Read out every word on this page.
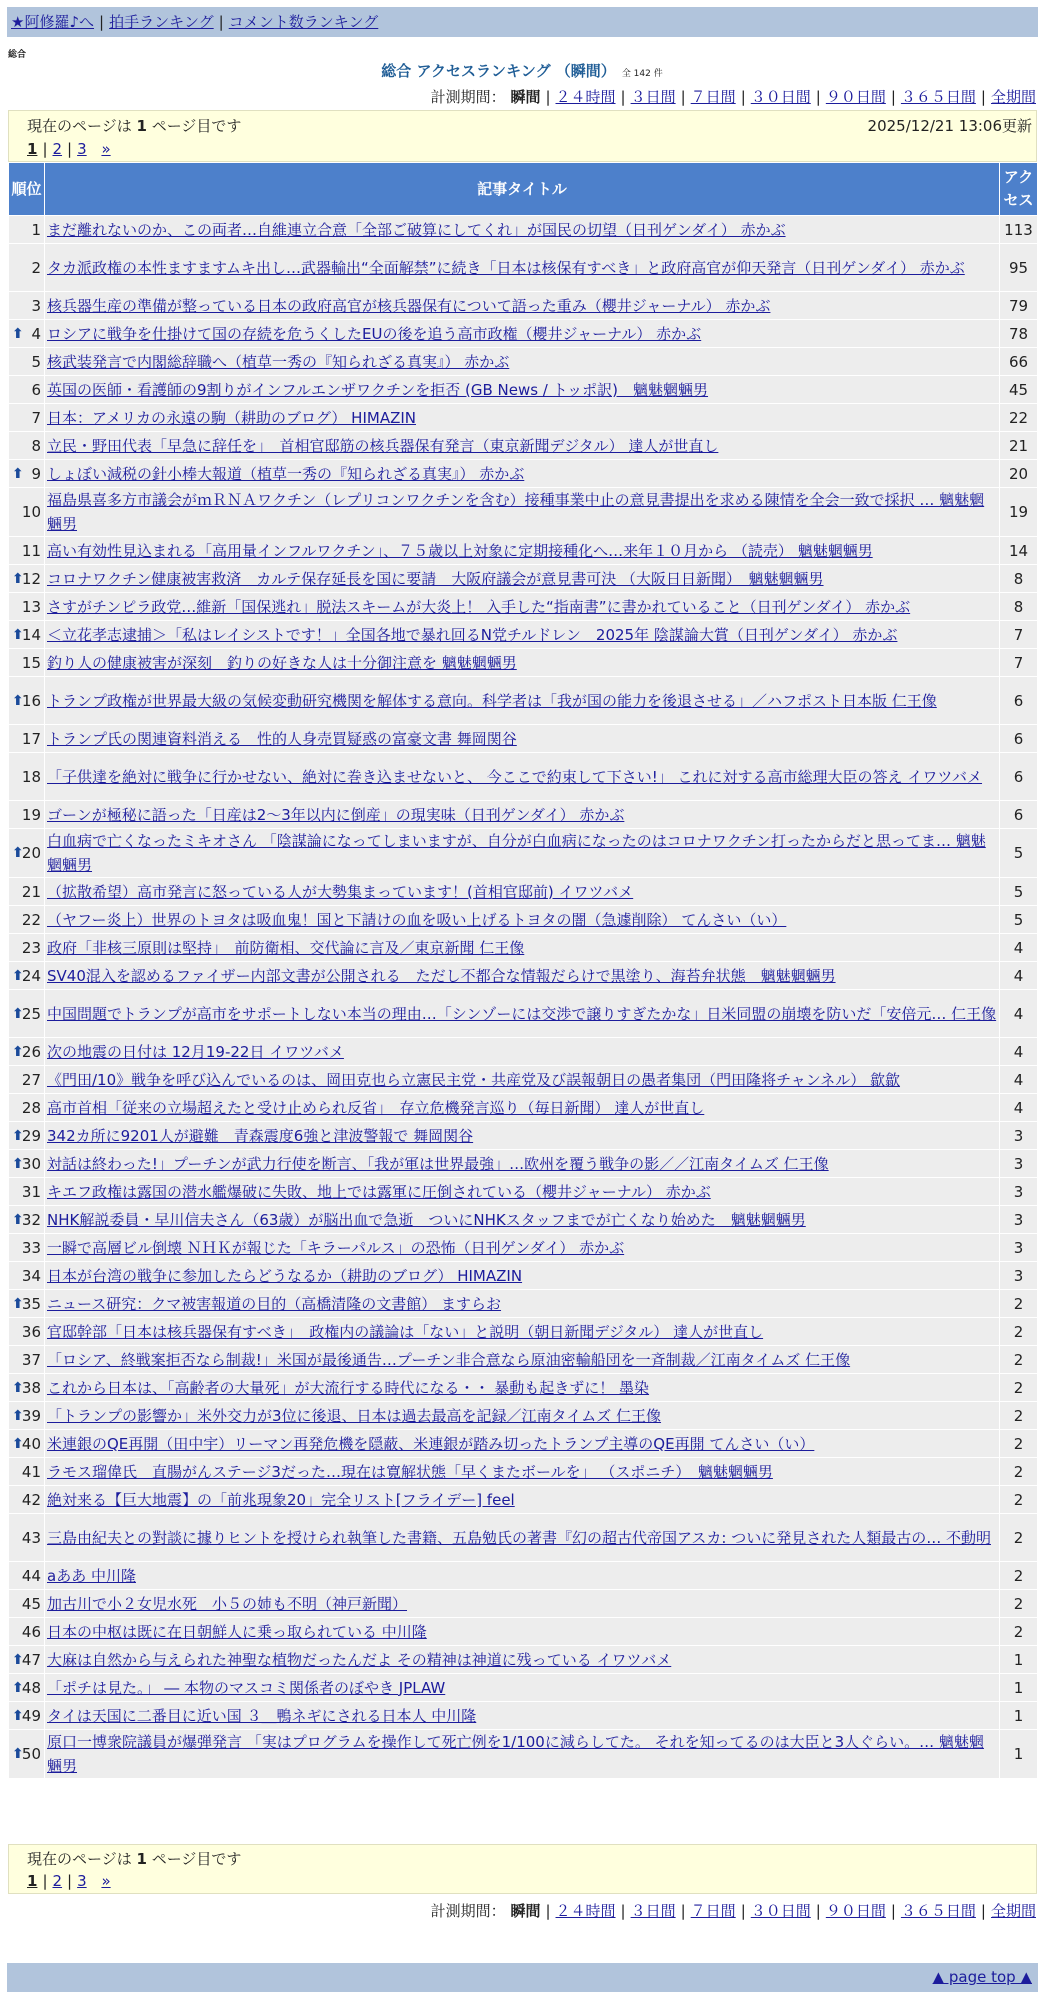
★阿修羅♪へ | 拍手ランキング | コメント数ランキング
総合
総合 アクセスランキング （瞬間） 全 142 件
計測期間： 瞬間 | ２４時間 | ３日間 | ７日間 | ３０日間 | ９０日間 | ３６５日間 | 全期間
現在のページは 1 ページ目です	2025/12/21 13:06更新
1 | 2 | 3 »
順位	記事タイトル	アクセス
1	まだ離れないのか、この両者…自維連立合意「全部ご破算にしてくれ」が国民の切望（日刊ゲンダイ） 赤かぶ	113
2	タカ派政権の本性ますますムキ出し…武器輸出“全面解禁”に続き「日本は核保有すべき」と政府高官が仰天発言（日刊ゲンダイ） 赤かぶ	95
3	核兵器生産の準備が整っている日本の政府高官が核兵器保有について語った重み（櫻井ジャーナル） 赤かぶ	79

⬆ 4	ロシアに戦争を仕掛けて国の存続を危うくしたEUの後を追う高市政権（櫻井ジャーナル） 赤かぶ	78
5	核武装発言で内閣総辞職へ（植草一秀の『知られざる真実』） 赤かぶ	66
6	英国の医師・看護師の9割りがインフルエンザワクチンを拒否 (GB News / トッポ訳)　魑魅魍魎男	45
7	日本：アメリカの永遠の駒（耕助のブログ） HIMAZIN	22
8	立民・野田代表「早急に辞任を」　首相官邸筋の核兵器保有発言（東京新聞デジタル） 達人が世直し	21

⬆ 9	しょぼい減税の針小棒大報道（植草一秀の『知られざる真実』） 赤かぶ	20
10	福島県喜多方市議会がｍＲＮＡワクチン（レプリコンワクチンを含む）接種事業中止の意見書提出を求める陳情を全会一致で採択 … 魑魅魍魎男	19
11	高い有効性見込まれる「高用量インフルワクチン」、７５歳以上対象に定期接種化へ…来年１０月から （読売） 魑魅魍魎男	14

⬆
12	コロナワクチン健康被害救済　カルテ保存延長を国に要請　大阪府議会が意見書可決 （大阪日日新聞）　魑魅魍魎男	8
13	さすがチンピラ政党…維新「国保逃れ」脱法スキームが大炎上！ 入手した“指南書”に書かれていること（日刊ゲンダイ） 赤かぶ	8

⬆
14	＜立花孝志逮捕＞「私はレイシストです！」全国各地で暴れ回るN党チルドレン　2025年 陰謀論大賞（日刊ゲンダイ） 赤かぶ	7
15	釣り人の健康被害が深刻　釣りの好きな人は十分御注意を 魑魅魍魎男	7

⬆
16	トランプ政権が世界最大級の気候変動研究機関を解体する意向。科学者は「我が国の能力を後退させる」／ハフポスト日本版 仁王像	6
17	トランプ氏の関連資料消える　性的人身売買疑惑の富豪文書 舞岡関谷	6
18	「子供達を絶対に戦争に行かせない、絶対に巻き込ませないと、 今ここで約束して下さい!」 これに対する高市総理大臣の答え イワツバメ	6
19	ゴーンが極秘に語った「日産は2～3年以内に倒産」の現実味（日刊ゲンダイ） 赤かぶ	6

⬆
20	白血病で亡くなったミキオさん 「陰謀論になってしまいますが、自分が白血病になったのはコロナワクチン打ったからだと思ってま… 魑魅魍魎男	5
21	（拡散希望）高市発言に怒っている人が大勢集まっています！(首相官邸前) イワツバメ	5
22	（ヤフー炎上）世界のトヨタは吸血鬼！国と下請けの血を吸い上げるトヨタの闇（急遽削除） てんさい（い）	5
23	政府「非核三原則は堅持」　前防衛相、交代論に言及／東京新聞 仁王像	4

⬆
24	SV40混入を認めるファイザー内部文書が公開される　ただし不都合な情報だらけで黒塗り、海苔弁状態　魑魅魍魎男	4

⬆
25	中国問題でトランプが高市をサポートしない本当の理由…「シンゾーには交渉で譲りすぎたかな」日米同盟の崩壊を防いだ「安倍元… 仁王像	4

⬆
26	次の地震の日付は 12月19-22日 イワツバメ	4
27	《門田/10》戦争を呼び込んでいるのは、岡田克也ら立憲民主党・共産党及び誤報朝日の愚者集団（門田隆将チャンネル） 歙歙	4
28	高市首相「従来の立場超えたと受け止められ反省」　存立危機発言巡り（毎日新聞） 達人が世直し	4

⬆
29	342カ所に9201人が避難　青森震度6強と津波警報で 舞岡関谷	3

⬆
30	対話は終わった!」プーチンが武力行使を断言、「我が軍は世界最強」…欧州を覆う戦争の影／／江南タイムズ 仁王像	3
31	キエフ政権は露国の潜水艦爆破に失敗、地上では露軍に圧倒されている（櫻井ジャーナル） 赤かぶ	3

⬆
32	NHK解説委員・早川信夫さん（63歳）が脳出血で急逝　ついにNHKスタッフまでが亡くなり始めた　魑魅魍魎男	3
33	一瞬で高層ビル倒壊 ＮＨＫが報じた「キラーパルス」の恐怖（日刊ゲンダイ） 赤かぶ	3
34	日本が台湾の戦争に参加したらどうなるか（耕助のブログ） HIMAZIN	3

⬆
35	ニュース研究：クマ被害報道の目的（高橋清隆の文書館） ますらお	2
36	官邸幹部「日本は核兵器保有すべき」　政権内の議論は「ない」と説明（朝日新聞デジタル） 達人が世直し	2
37	「ロシア、終戦案拒否なら制裁!」米国が最後通告…プーチン非合意なら原油密輸船団を一斉制裁／江南タイムズ 仁王像	2

⬆
38	これから日本は、「高齢者の大量死」が大流行する時代になる・・ 暴動も起きずに！ 墨染	2

⬆
39	「トランプの影響か」米外交力が3位に後退、日本は過去最高を記録／江南タイムズ 仁王像	2

⬆
40	米連銀のQE再開（田中宇）リーマン再発危機を隠蔽、米連銀が踏み切ったトランプ主導のQE再開 てんさい（い）	2
41	ラモス瑠偉氏　直腸がんステージ3だった…現在は寛解状態「早くまたボールを」 （スポニチ）　魑魅魍魎男	2
42	絶対来る【巨大地震】の「前兆現象20」完全リスト[フライデー] feel	2
43	三島由紀夫との對談に據りヒントを授けられ執筆した書籍、五島勉氏の著書『幻の超古代帝国アスカ: ついに発見された人類最古の… 不動明	2
44	aああ 中川隆	2
45	加古川で小２女児水死　小５の姉も不明（神戸新聞）	2
46	日本の中枢は既に在日朝鮮人に乗っ取られている 中川隆	2

⬆
47	大麻は自然から与えられた神聖な植物だったんだよ その精神は神道に残っている イワツバメ	1

⬆
48	「ポチは見た。」 ― 本物のマスコミ関係者のぼやき JPLAW	1

⬆
49	タイは天国に二番目に近い国 ３＿鴨ネギにされる日本人 中川隆	1

⬆
50	原口一博衆院議員が爆弾発言 「実はプログラムを操作して死亡例を1/100に減らしてた。 それを知ってるのは大臣と3人ぐらい。… 魑魅魍魎男	1
現在のページは 1 ページ目です
1 | 2 | 3 »
計測期間： 瞬間 | ２４時間 | ３日間 | ７日間 | ３０日間 | ９０日間 | ３６５日間 | 全期間
▲ page top ▲
